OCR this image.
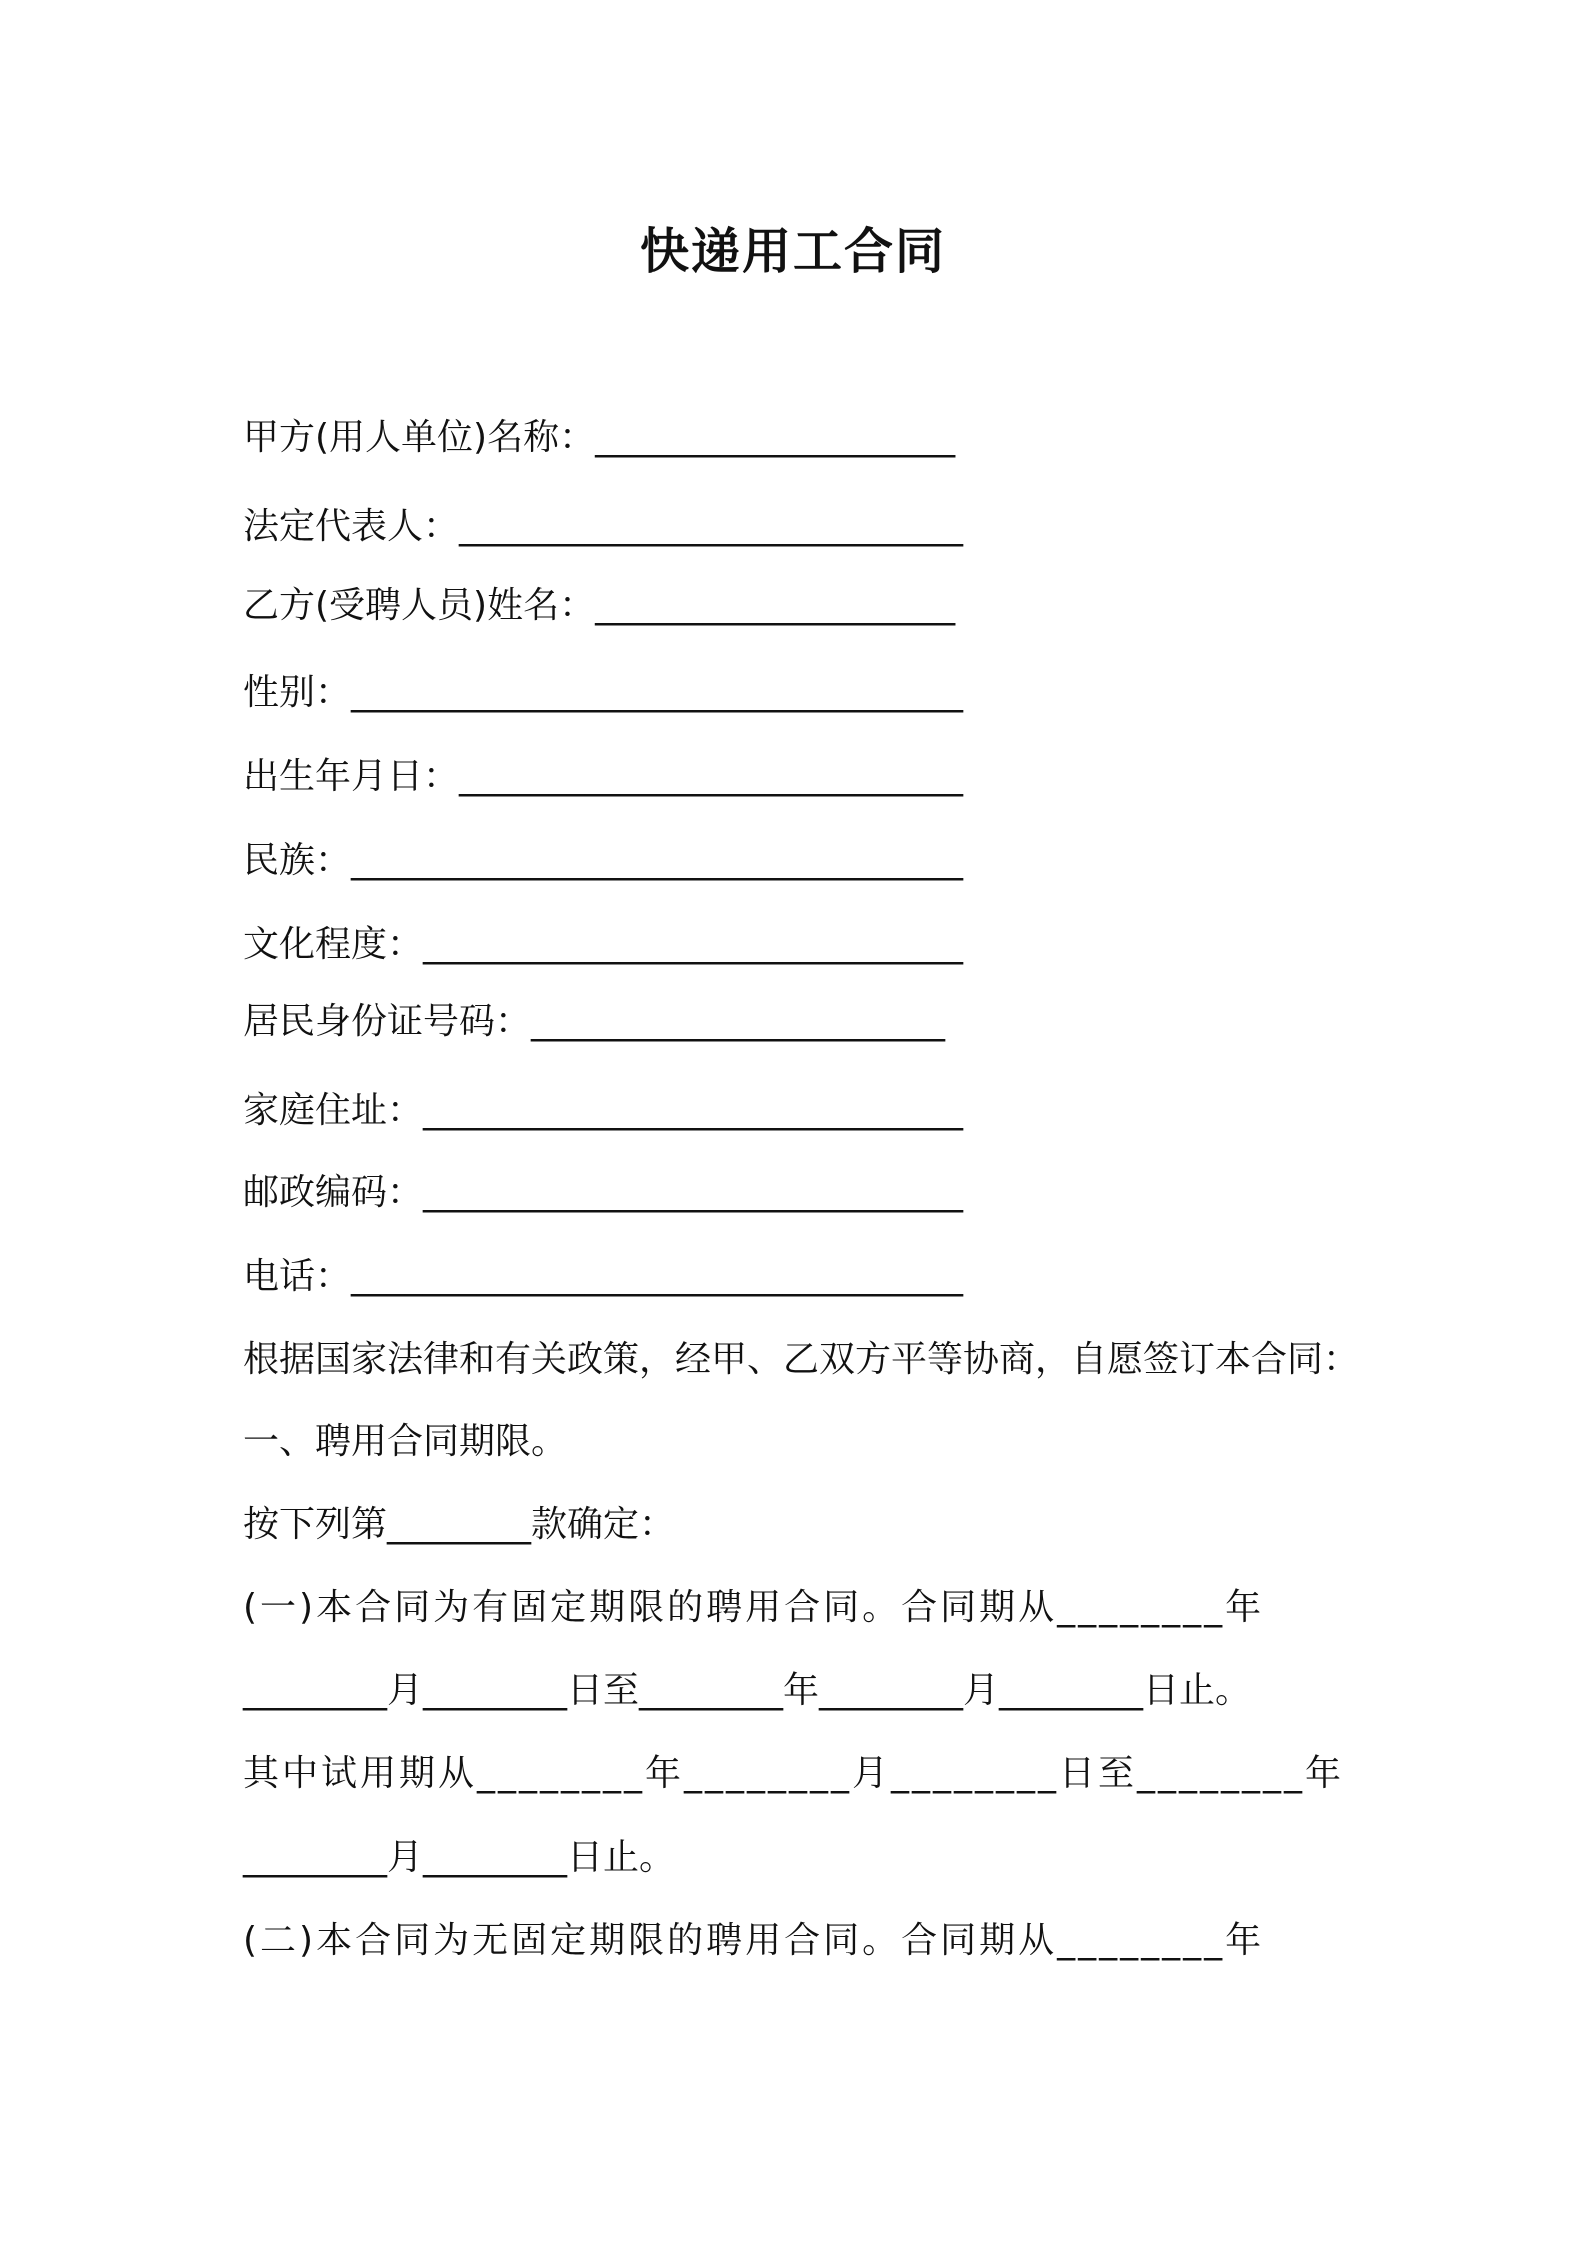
快递用工合同

甲方(用人单位)名称：____________________

法定代表人：____________________________

乙方(受聘人员)姓名：____________________

性别：__________________________________

出生年月日：____________________________

民族：__________________________________

文化程度：______________________________

居民身份证号码：_______________________

家庭住址：______________________________

邮政编码：______________________________

电话：__________________________________

根据国家法律和有关政策，经甲、乙双方平等协商，自愿签订本合同：

一、聘用合同期限。

按下列第________款确定：

(一)本合同为有固定期限的聘用合同。合同期从________年

________月________日至________年________月________日止。

其中试用期从________年________月________日至________年

________月________日止。

(二)本合同为无固定期限的聘用合同。合同期从________年
